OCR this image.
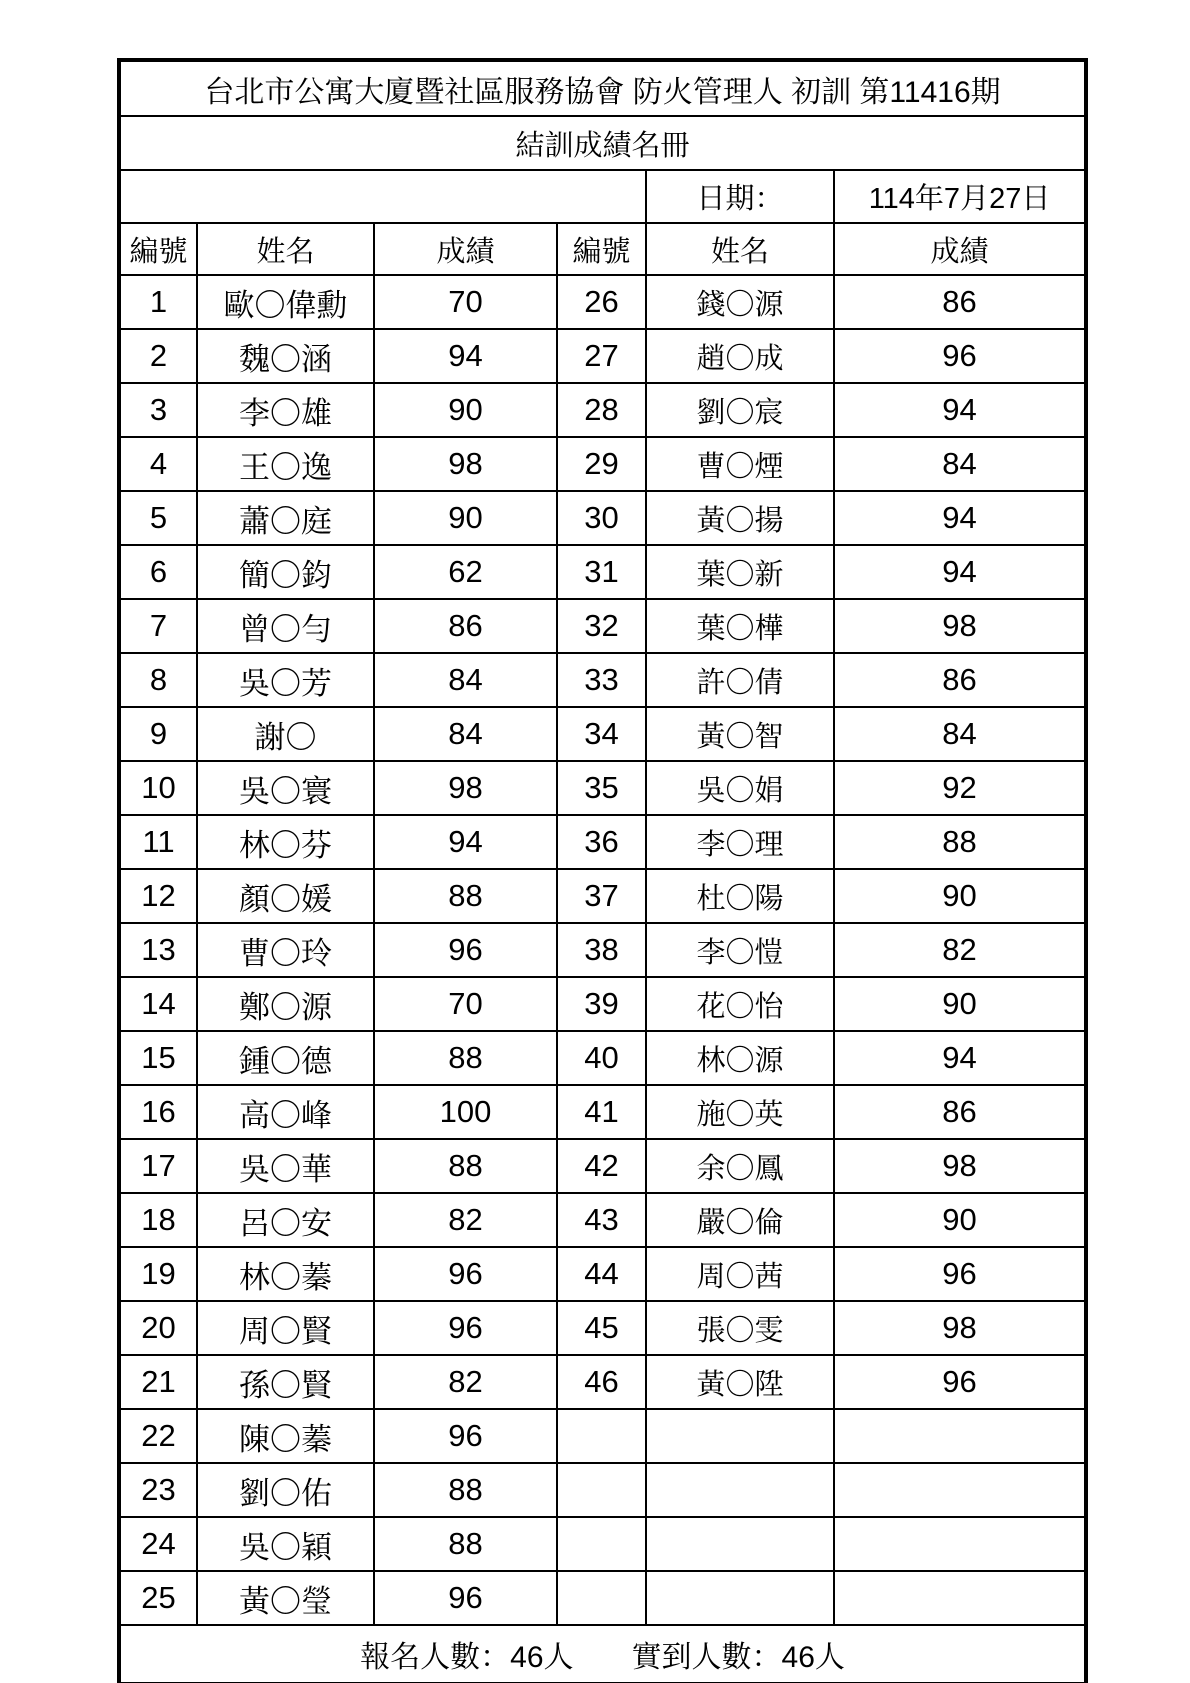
台北市公寓大廈暨社區服務協會 防火管理人 初訓 第11416期					
結訓成績名冊					
				日期：	114年7月27日
編號	姓名	成績	編號	姓名	成績
1	歐〇偉勳	70	26	錢〇源	86
2	魏〇涵	94	27	趙〇成	96
3	李〇雄	90	28	劉〇宸	94
4	王〇逸	98	29	曹〇煙	84
5	蕭〇庭	90	30	黃〇揚	94
6	簡〇鈞	62	31	葉〇新	94
7	曾〇勻	86	32	葉〇樺	98
8	吳〇芳	84	33	許〇倩	86
9	謝〇	84	34	黃〇智	84
10	吳〇寰	98	35	吳〇娟	92
11	林〇芬	94	36	李〇理	88
12	顏〇媛	88	37	杜〇陽	90
13	曹〇玲	96	38	李〇愷	82
14	鄭〇源	70	39	花〇怡	90
15	鍾〇德	88	40	林〇源	94
16	高〇峰	100	41	施〇英	86
17	吳〇華	88	42	余〇鳳	98
18	呂〇安	82	43	嚴〇倫	90
19	林〇蓁	96	44	周〇茜	96
20	周〇賢	96	45	張〇雯	98
21	孫〇賢	82	46	黃〇陞	96
22	陳〇蓁	96			
23	劉〇佑	88			
24	吳〇穎	88			
25	黃〇瑩	96			
報名人數：46人 實到人數：46人					
